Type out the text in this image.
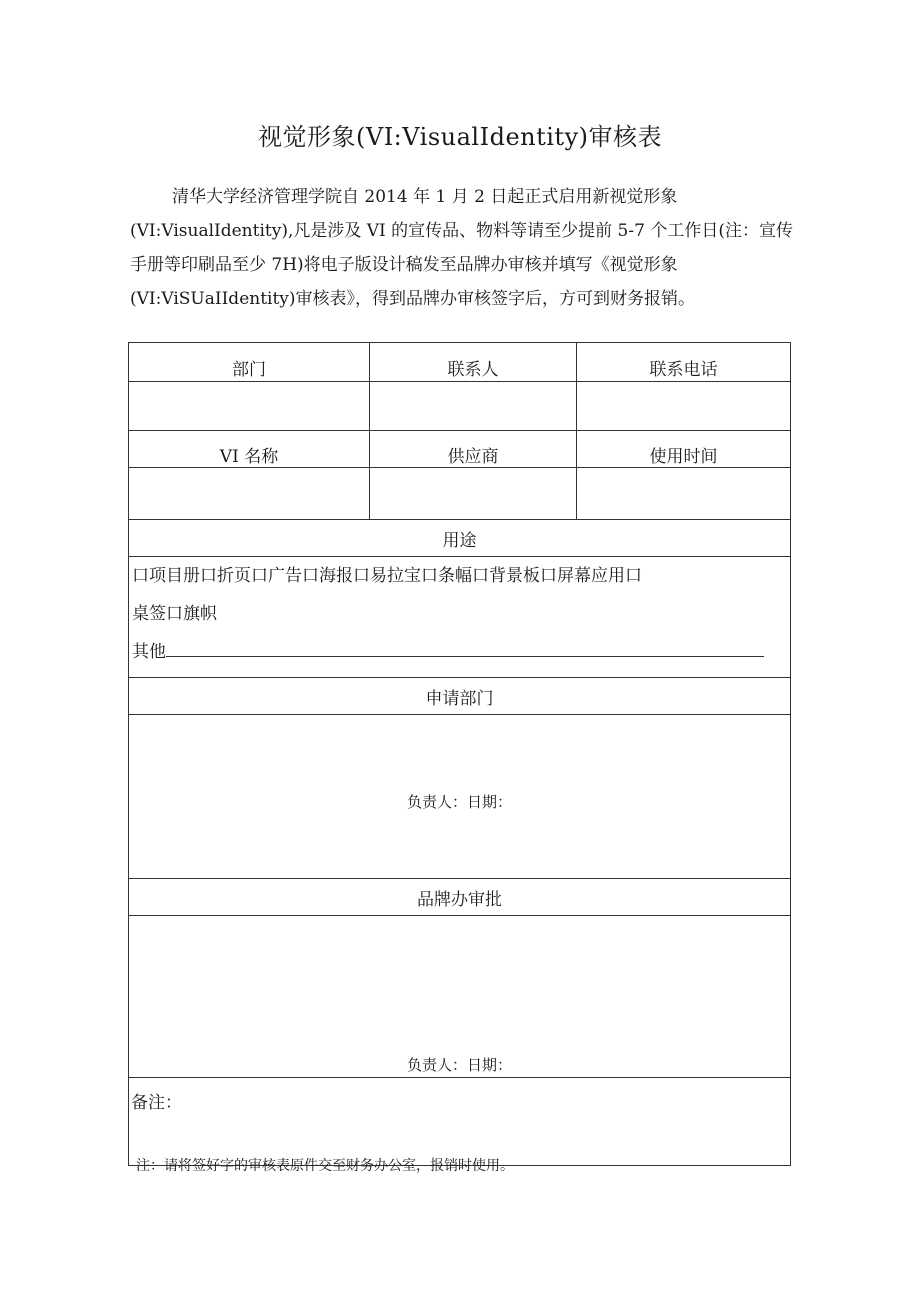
视觉形象(VI:VisualIdentity)审核表
清华大学经济管理学院自 2014 年 1 月 2 日起正式启用新视觉形象
(VI:VisualIdentity),凡是涉及 VI 的宣传品、物料等请至少提前 5-7 个工作日(注：宣传
手册等印刷品至少 7H)将电子版设计稿发至品牌办审核并填写《视觉形象
(VI:ViSUaIIdentity)审核表》，得到品牌办审核签字后，方可到财务报销。
部门	联系人	联系电话

VI 名称	供应商	使用时间

用途		

口项目册口折页口广告口海报口易拉宝口条幅口背景板口屏幕应用口
桌签口旗帜
其他		

申请部门		

负责人：日期：		

品牌办审批		

负责人：日期：		

备注：		
注：请将签好字的审核表原件交至财务办公室，报销时使用。
